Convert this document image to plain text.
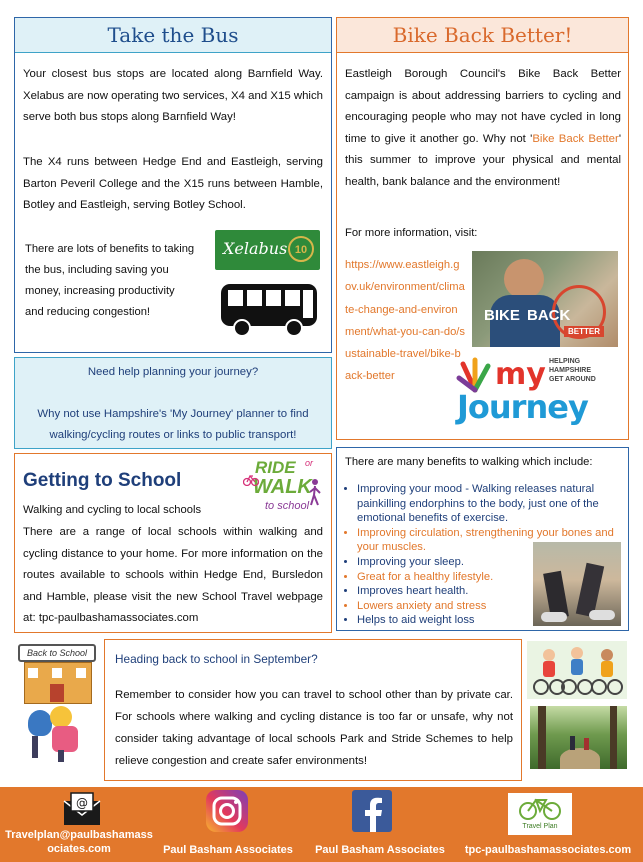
Take the Bus
Your closest bus stops are located along Barnfield Way. Xelabus are now operating two services, X4 and X15 which serve both bus stops along Barnfield Way!
The X4 runs between Hedge End and Eastleigh, serving Barton Peveril College and the X15 runs between Hamble, Botley and Eastleigh, serving Botley School.
There are lots of benefits to taking the bus, including saving you money, increasing productivity and reducing congestion!
Xelabus 10
Need help planning your journey?
Why not use Hampshire's 'My Journey' planner to find walking/cycling routes or links to public transport!
Bike Back Better!
Eastleigh Borough Council's Bike Back Better campaign is about addressing barriers to cycling and encouraging people who may not have cycled in long time to give it another go. Why not 'Bike Back Better' this summer to improve your physical and mental health, bank balance and the environment!
For more information, visit:
https://www.eastleigh.gov.uk/environment/climate-change-and-environment/what-you-can-do/sustainable-travel/bike-back-better
BIKE BACK
BETTER
HELPING
HAMPSHIRE
GET AROUND
my
Journey
Getting to School
Walking and cycling to local schools
There are a range of local schools within walking and cycling distance to your home. For more information on the routes available to schools within Hedge End, Bursledon and Hamble, please visit the new School Travel webpage at: tpc-paulbashamassociates.com
RIDE or
WALK
to school
There are many benefits to walking which include:
• Improving your mood - Walking releases natural painkilling endorphins to the body, just one of the emotional benefits of exercise.
• Improving circulation, strengthening your bones and your muscles.
• Improving your sleep.
• Great for a healthy lifestyle.
• Improves heart health.
• Lowers anxiety and stress
• Helps to aid weight loss
Back to School	Heading back to school in September?
Remember to consider how you can travel to school other than by private car. For schools where walking and cycling distance is too far or unsafe, why not consider taking advantage of local schools Park and Stride Schemes to help relieve congestion and create safer environments!
@
Travelplan@paulbashamassociates.com	Paul Basham Associates	Paul Basham Associates
Travel Plan
tpc-paulbashamassociates.com
